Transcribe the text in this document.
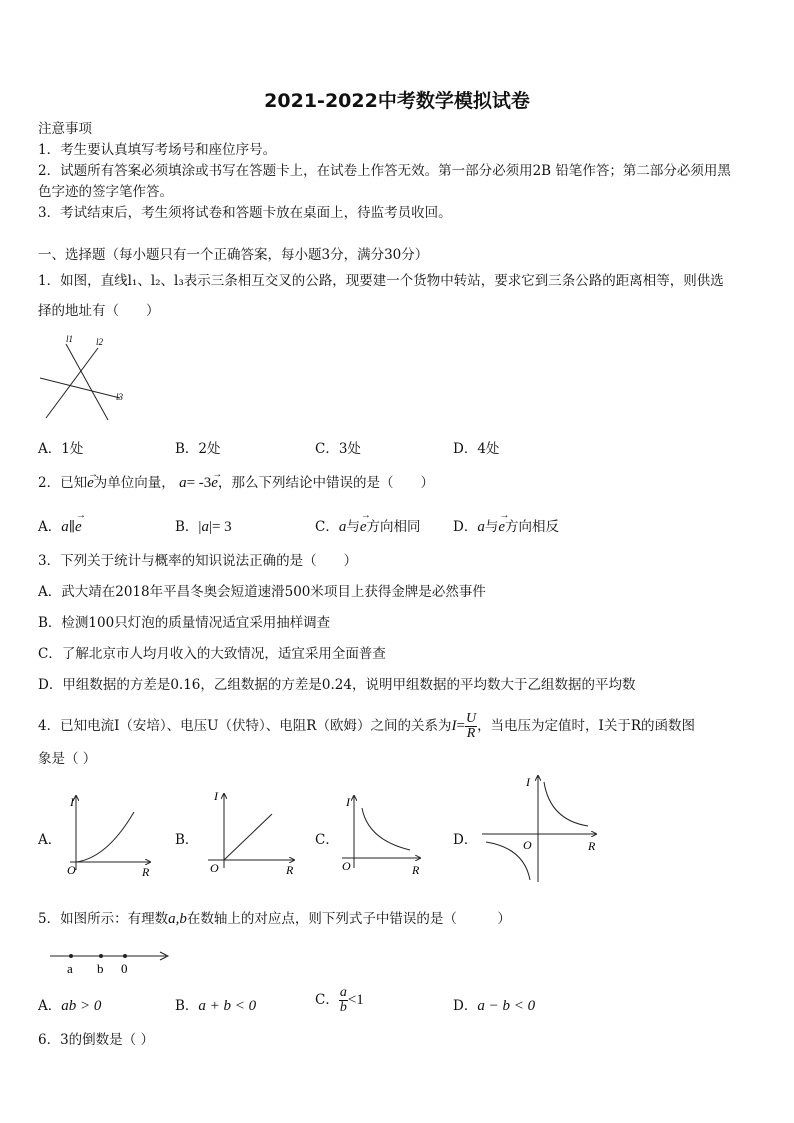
2021-2022中考数学模拟试卷
注意事项
1．考生要认真填写考场号和座位序号。
2．试题所有答案必须填涂或书写在答题卡上，在试卷上作答无效。第一部分必须用2B 铅笔作答；第二部分必须用黑
色字迹的签字笔作答。
3．考试结束后，考生须将试卷和答题卡放在桌面上，待监考员收回。
一、选择题（每小题只有一个正确答案，每小题3分，满分30分）
1．如图，直线l₁、l₂、l₃表示三条相互交叉的公路，现要建一个货物中转站，要求它到三条公路的距离相等，则供选
择的地址有（　　）
l1	l2
l3
A．1处	B．2处	C．3处	D．4处
2．已知
→
e为单位向量， a= -3
→
e，那么下列结论中错误的是（　　）
A．a∥
→
e	B．|a|= 3	C．a与
→
e方向相同 D．a与
→
e方向相反
3．下列关于统计与概率的知识说法正确的是（　　）
A．武大靖在2018年平昌冬奥会短道速滑500米项目上获得金牌是必然事件
B．检测100只灯泡的质量情况适宜采用抽样调查
C．了解北京市人均月收入的大致情况，适宜采用全面普查
D．甲组数据的方差是0.16，乙组数据的方差是0.24，说明甲组数据的平均数大于乙组数据的平均数
4．已知电流I（安培）、电压U（伏特）、电阻R（欧姆）之间的关系为$I= \frac{U}{R}$ ，当电压为定值时，I关于R的函数图
象是（ ）
A．
I
R
O
B．
I
R
O
C．
I
R
O
D．
I
R
O
5．如图所示：有理数a,b在数轴上的对应点，则下列式子中错误的是（　　　）
a b 0
A．ab > 0	B．a + b < 0	C． $\frac{a}{b} <1$	D．a − b < 0
6．3的倒数是（ ）
